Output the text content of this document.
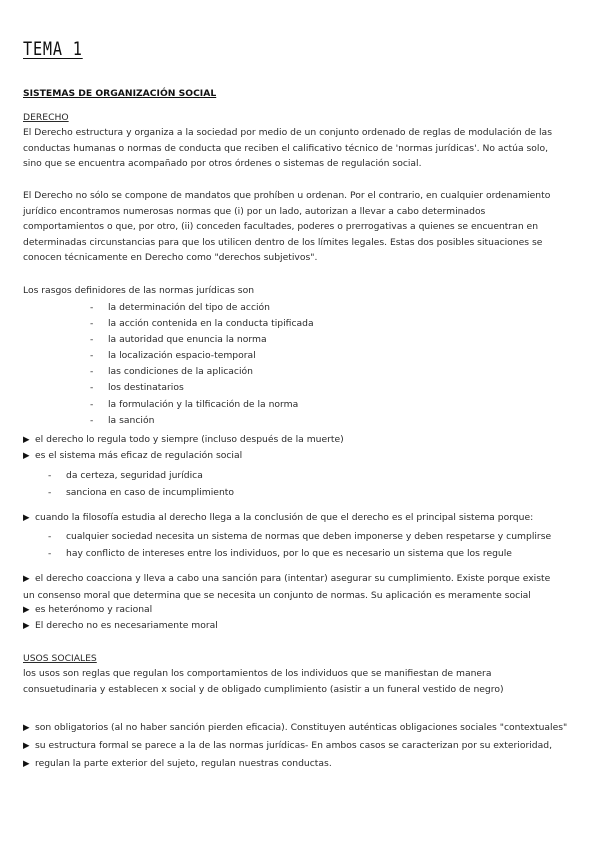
TEMA 1
SISTEMAS DE ORGANIZACIÓN SOCIAL
DERECHO
El Derecho estructura y organiza a la sociedad por medio de un conjunto ordenado de reglas de modulación de las
conductas humanas o normas de conducta que reciben el calificativo técnico de 'normas jurídicas'. No actúa solo,
sino que se encuentra acompañado por otros órdenes o sistemas de regulación social.
El Derecho no sólo se compone de mandatos que prohíben u ordenan. Por el contrario, en cualquier ordenamiento
jurídico encontramos numerosas normas que (i) por un lado, autorizan a llevar a cabo determinados
comportamientos o que, por otro, (ii) conceden facultades, poderes o prerrogativas a quienes se encuentran en
determinadas circunstancias para que los utilicen dentro de los límites legales. Estas dos posibles situaciones se
conocen técnicamente en Derecho como "derechos subjetivos".
Los rasgos definidores de las normas jurídicas son
- la determinación del tipo de acción
- la acción contenida en la conducta tipificada
- la autoridad que enuncia la norma
- la localización espacio-temporal
- las condiciones de la aplicación
- los destinatarios
- la formulación y la tilficación de la norma
- la sanción
▶ el derecho lo regula todo y siempre (incluso después de la muerte)
▶ es el sistema más eficaz de regulación social
- da certeza, seguridad jurídica
- sanciona en caso de incumplimiento
▶ cuando la filosofía estudia al derecho llega a la conclusión de que el derecho es el principal sistema porque:
- cualquier sociedad necesita un sistema de normas que deben imponerse y deben respetarse y cumplirse
- hay conflicto de intereses entre los individuos, por lo que es necesario un sistema que los regule
▶ el derecho coacciona y lleva a cabo una sanción para (intentar) asegurar su cumplimiento. Existe porque existe
un consenso moral que determina que se necesita un conjunto de normas. Su aplicación es meramente social
▶ es heterónomo y racional
▶ El derecho no es necesariamente moral
USOS SOCIALES
los usos son reglas que regulan los comportamientos de los individuos que se manifiestan de manera
consuetudinaria y establecen x social y de obligado cumplimiento (asistir a un funeral vestido de negro)
▶ son obligatorios (al no haber sanción pierden eficacia). Constituyen auténticas obligaciones sociales "contextuales"
▶ su estructura formal se parece a la de las normas jurídicas- En ambos casos se caracterizan por su exterioridad,
▶ regulan la parte exterior del sujeto, regulan nuestras conductas.
